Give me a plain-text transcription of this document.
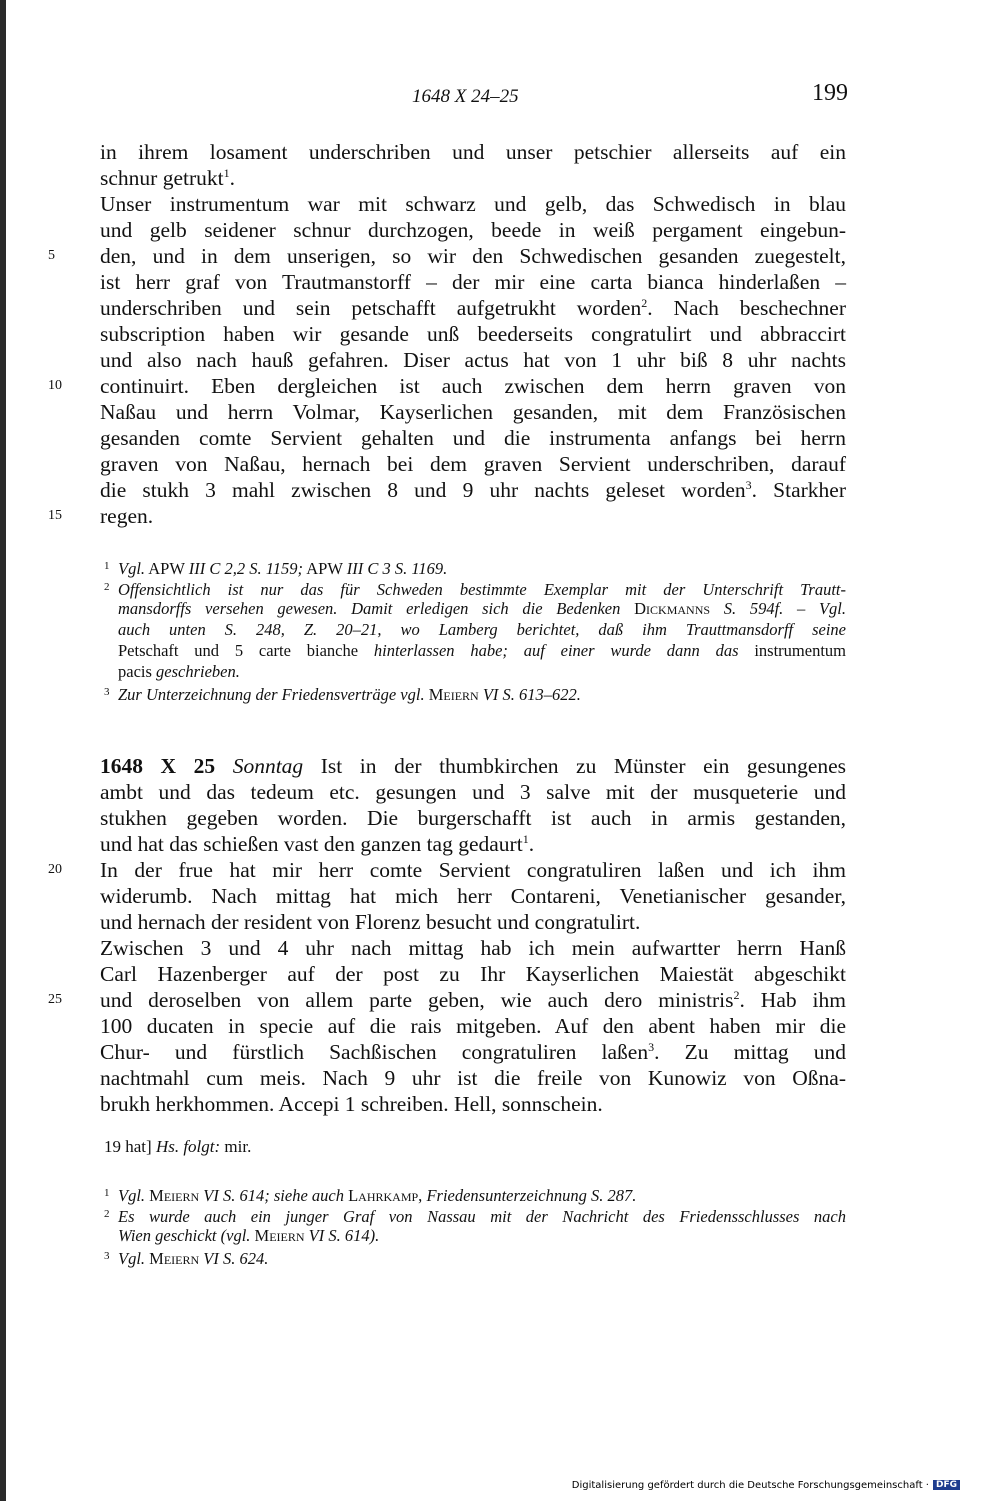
1648 X 24–25	199
in ihrem losament underschriben und unser petschier allerseits auf ein
schnur getrukt$^1$.
Unser instrumentum war mit schwarz und gelb, das Schwedisch in blau
und gelb seidener schnur durchzogen, beede in weiß pergament eingebun-
5	den, und in dem unserigen, so wir den Schwedischen gesanden zuegestelt,
ist herr graf von Trautmanstorff – der mir eine carta bianca hinderlaßen –
underschriben und sein petschafft aufgetrukht worden$^2$. Nach beschechner
subscription haben wir gesande unß beederseits congratulirt und abbraccirt
und also nach hauß gefahren. Diser actus hat von 1 uhr biß 8 uhr nachts
10	continuirt. Eben dergleichen ist auch zwischen dem herrn graven von
Naßau und herrn Volmar, Kayserlichen gesanden, mit dem Französischen
gesanden comte Servient gehalten und die instrumenta anfangs bei herrn
graven von Naßau, hernach bei dem graven Servient underschriben, darauf
die stukh 3 mahl zwischen 8 und 9 uhr nachts geleset worden$^3$. Starkher
15	regen.
1 Vgl. APW III C 2,2 S. 1159; APW III C 3 S. 1169.
2 Offensichtlich ist nur das für Schweden bestimmte Exemplar mit der Unterschrift Trautt-
mansdorffs versehen gewesen. Damit erledigen sich die Bedenken Dickmanns S. 594f. – Vgl.
auch unten S. 248, Z. 20–21, wo Lamberg berichtet, daß ihm Trauttmansdorff seine
Petschaft und 5 carte bianche hinterlassen habe; auf einer wurde dann das instrumentum
pacis geschrieben.
3 Zur Unterzeichnung der Friedensverträge vgl. Meiern VI S. 613–622.
1648 X 25 Sonntag Ist in der thumbkirchen zu Münster ein gesungenes
ambt und das tedeum etc. gesungen und 3 salve mit der musqueterie und
stukhen gegeben worden. Die burgerschafft ist auch in armis gestanden,
und hat das schießen vast den ganzen tag gedaurt$^1$.
20	In der frue hat mir herr comte Servient congratuliren laßen und ich ihm
widerumb. Nach mittag hat mich herr Contareni, Venetianischer gesander,
und hernach der resident von Florenz besucht und congratulirt.
Zwischen 3 und 4 uhr nach mittag hab ich mein aufwartter herrn Hanß
Carl Hazenberger auf der post zu Ihr Kayserlichen Maiestät abgeschikt
25	und deroselben von allem parte geben, wie auch dero ministris$^2$. Hab ihm
100 ducaten in specie auf die rais mitgeben. Auf den abent haben mir die
Chur- und fürstlich Sachßischen congratuliren laßen$^3$. Zu mittag und
nachtmahl cum meis. Nach 9 uhr ist die freile von Kunowiz von Oßna-
brukh herkhommen. Accepi 1 schreiben. Hell, sonnschein.
19 hat] Hs. folgt: mir.
1 Vgl. Meiern VI S. 614; siehe auch Lahrkamp, Friedensunterzeichnung S. 287.
2 Es wurde auch ein junger Graf von Nassau mit der Nachricht des Friedensschlusses nach
Wien geschickt (vgl. Meiern VI S. 614).
3 Vgl. Meiern VI S. 624.
Digitalisierung gefördert durch die Deutsche Forschungsgemeinschaft · DFG
